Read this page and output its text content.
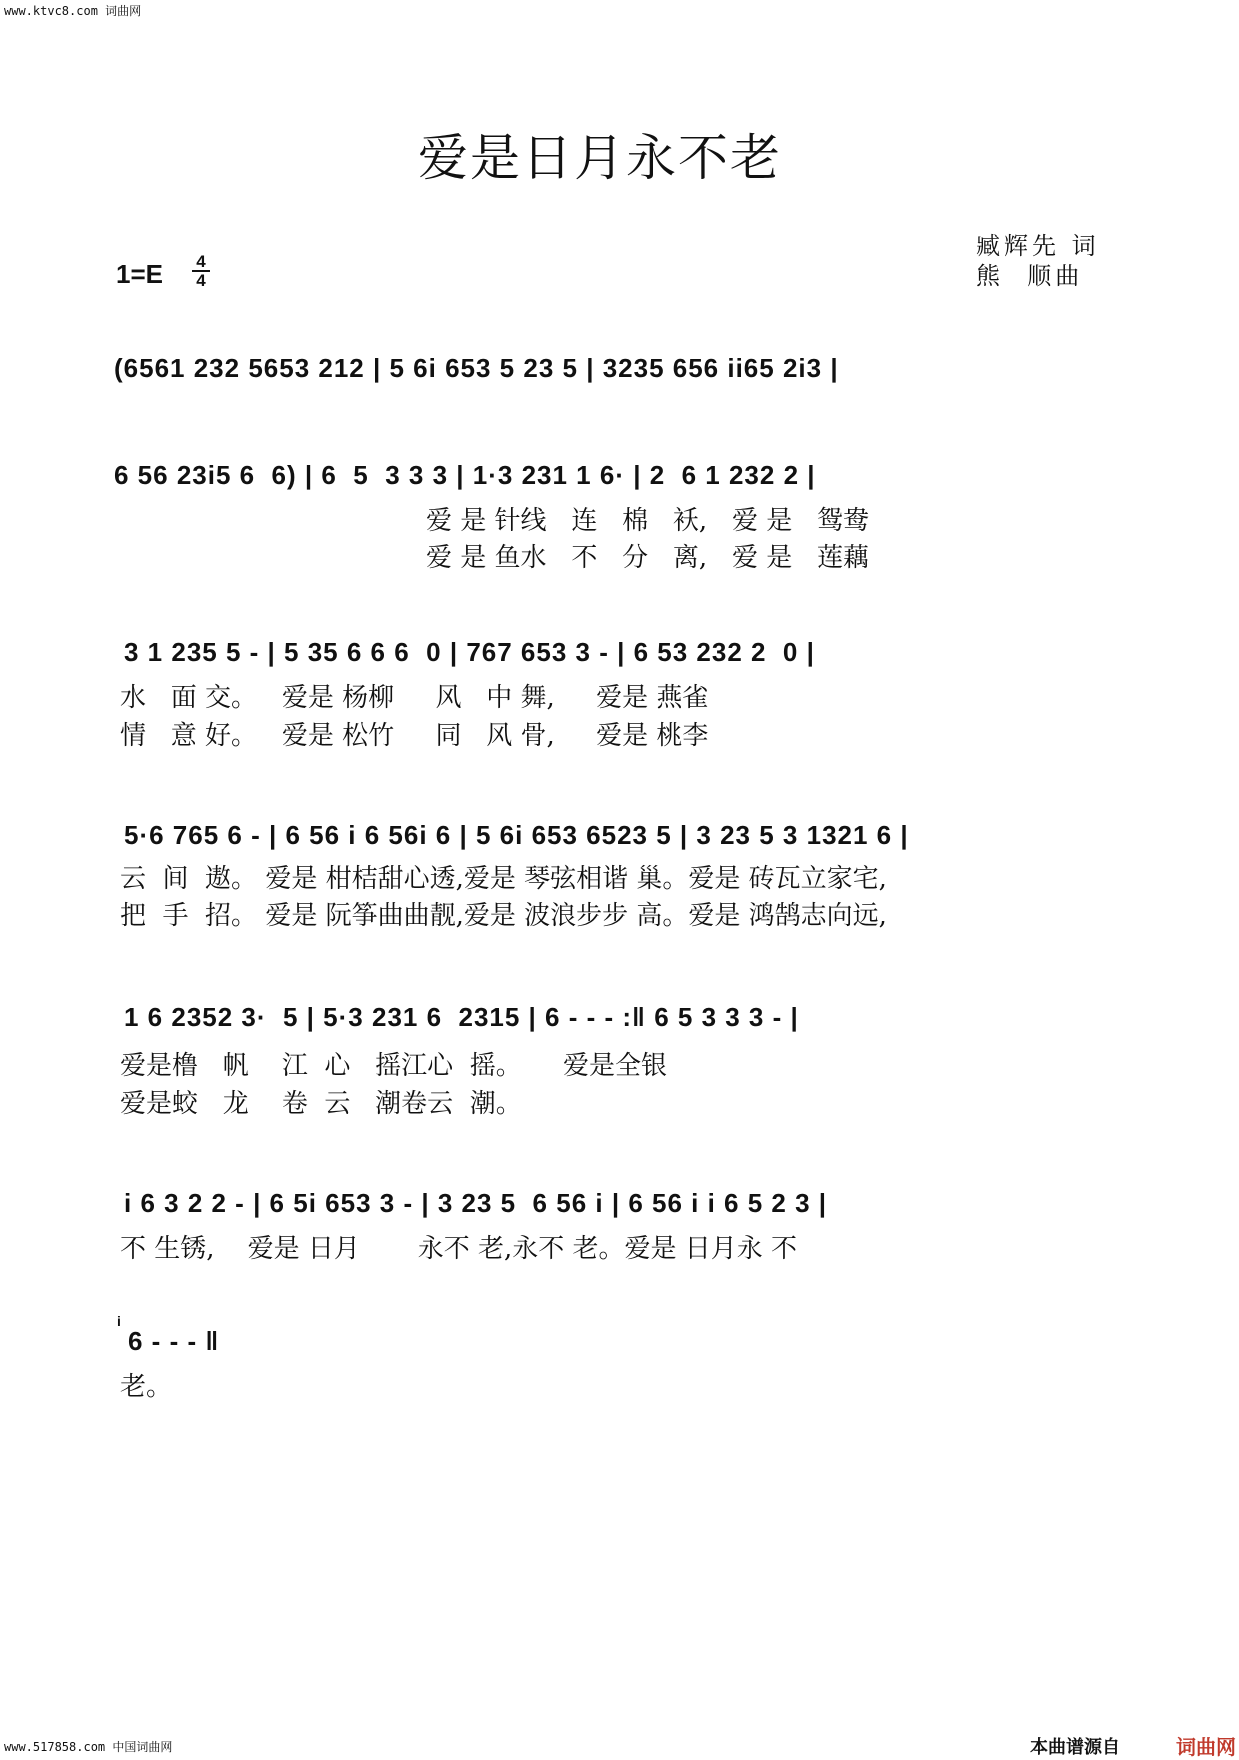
www.ktvc8.com 词曲网
爱是日月永不老
臧辉先 词
熊  顺曲
1=E 4
4
(6561 232 5653 212 | 5 6i 653 5 23 5 | 3235 656 ii65 2i3 |
6 56 23i5 6  6) | 6  5  3 3 3 | 1·3 231 1 6· | 2  6 1 232 2 |
爱 是 针线   连   棉   袄,   爱 是   鸳鸯
爱 是 鱼水   不   分   离,   爱 是   莲藕
3 1 235 5 - | 5 35 6 6 6  0 | 767 653 3 - | 6 53 232 2  0 |
水   面 交。   爱是 杨柳     风   中 舞,     爱是 燕雀
情   意 好。   爱是 松竹     同   风 骨,     爱是 桃李
5·6 765 6 - | 6 56 i 6 56i 6 | 5 6i 653 6523 5 | 3 23 5 3 1321 6 |
云  间  遨。 爱是 柑桔甜心透,爱是 琴弦相谐 巢。爱是 砖瓦立家宅,
把  手  招。 爱是 阮筝曲曲靓,爱是 波浪步步 高。爱是 鸿鹄志向远,
1 6 2352 3·  5 | 5·3 231 6  2315 | 6 - - - :‖ 6 5 3 3 3 - |
爱是橹   帆    江  心   摇江心  摇。     爱是全银
爱是蛟   龙    卷  云   潮卷云  潮。
i 6 3 2 2 - | 6 5i 653 3 - | 3 23 5  6 56 i | 6 56 i i 6 5 2 3 |
不 生锈,    爱是 日月       永不 老,永不 老。爱是 日月永 不
i
6 - - - ‖
老。
www.517858.com 中国词曲网	本曲谱源自	词曲网
